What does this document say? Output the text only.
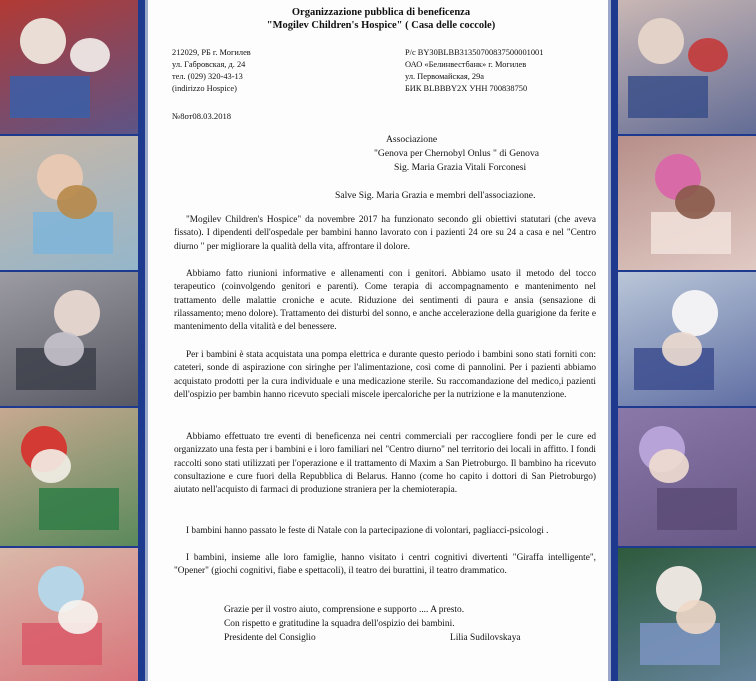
Organizzazione pubblica di beneficenza
"Mogilev Children's Hospice" ( Casa delle coccole)
212029, РБ г. Могилев
ул. Габровская, д. 24
тел. (029) 320-43-13
(indirizzo Hospice)
Р/с BY30BLBB31350700837500001001
ОАО «Белинвестбанк» г. Могилев
ул. Первомайская, 29а
БИК BLBBBY2X УНН 700838750
№8от08.03.2018
Associazione
"Genova per Chernobyl Onlus " di Genova
Sig. Maria Grazia Vitali Forconesi
Salve Sig. Maria Grazia e membri dell'associazione.

"Mogilev Children's Hospice" da novembre 2017 ha funzionato secondo gli obiettivi statutari (che aveva fissato). I dipendenti dell'ospedale per bambini hanno lavorato con i pazienti 24 ore su 24 a casa e nel "Centro diurno " per migliorare la qualità della vita, affrontare il dolore.

Abbiamo fatto riunioni informative e allenamenti con i genitori. Abbiamo usato il metodo del tocco terapeutico (coinvolgendo genitori e parenti). Come terapia di accompagnamento e mantenimento nel trattamento delle malattie croniche e acute. Riduzione dei sentimenti di paura e ansia (sensazione di rilassamento; meno dolore). Trattamento dei disturbi del sonno, e anche accelerazione della guarigione da ferite e mantenimento della vitalità e del benessere.

Per i bambini è stata acquistata una pompa elettrica e durante questo periodo i bambini sono stati forniti con: cateteri, sonde di aspirazione con siringhe per l'alimentazione, così come di pannolini. Per i pazienti abbiamo acquistato prodotti per la cura individuale e una medicazione sterile. Su raccomandazione del medico,i pazienti dell'ospizio per bambin hanno ricevuto speciali miscele ipercaloriche per la nutrizione e la manutenzione.

Abbiamo effettuato tre eventi di beneficenza nei centri commerciali per raccogliere fondi per le cure ed organizzato una festa per i bambini e i loro familiari nel "Centro diurno" nel territorio dei locali in affitto. I fondi raccolti sono stati utilizzati per l'operazione e il trattamento di Maxim a San Pietroburgo. Il bambino ha ricevuto consultazione e cure fuori della Repubblica di Belarus. Hanno (come ho capito i dottori di San Pietroburgo) aiutato nell'acquisto di farmaci di produzione straniera per la chemioterapia.

I bambini hanno passato le feste di Natale con la partecipazione di volontari, pagliacci-psicologi .

I bambini, insieme alle loro famiglie, hanno visitato i centri cognitivi divertenti "Giraffa intelligente", "Opener" (giochi cognitivi, fiabe e spettacoli), il teatro dei burattini, il teatro drammatico.

Grazie per il vostro aiuto, comprensione e supporto .... A presto.
Con rispetto e gratitudine la squadra dell'ospizio dei bambini.
Presidente del Consiglio	Lilia Sudilovskaya
